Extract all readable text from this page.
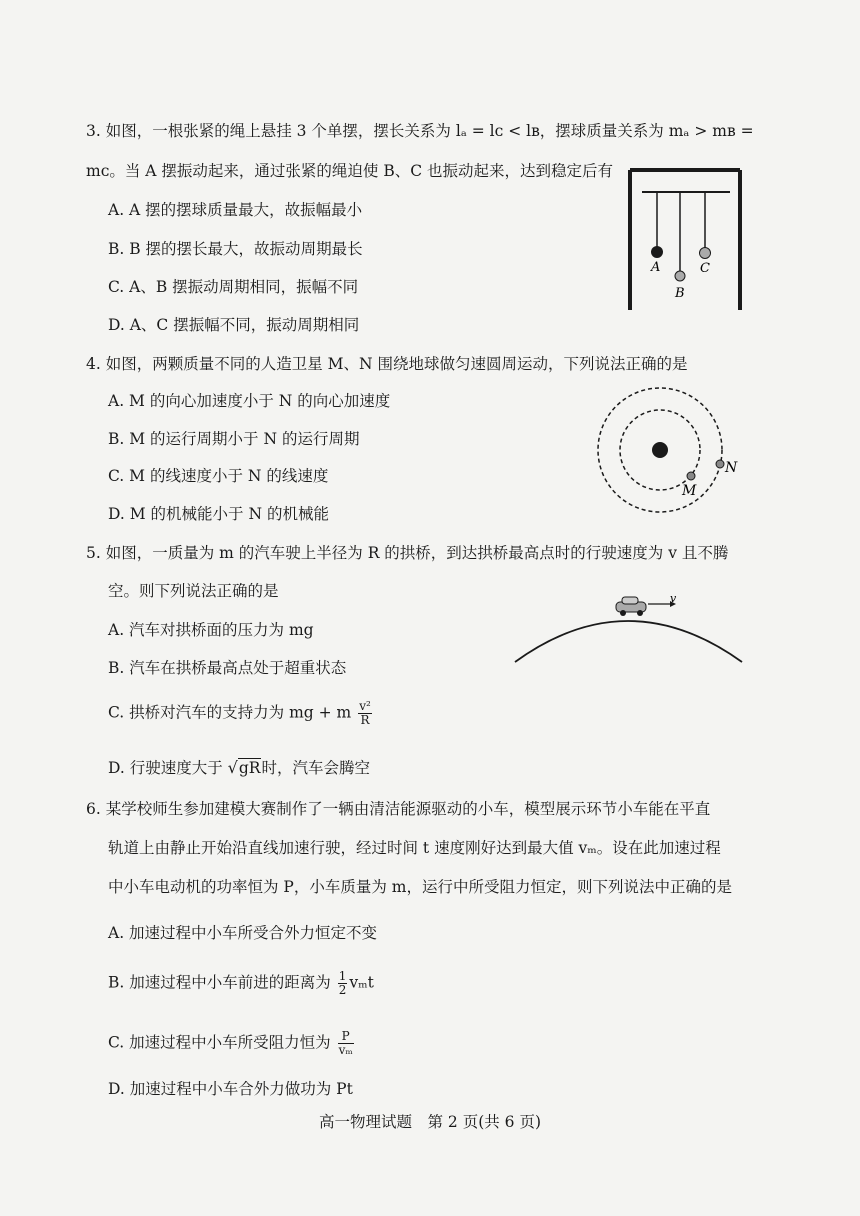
3. 如图，一根张紧的绳上悬挂 3 个单摆，摆长关系为 lₐ = lᴄ < lʙ，摆球质量关系为 mₐ > mʙ =
mᴄ。当 A 摆振动起来，通过张紧的绳迫使 B、C 也振动起来，达到稳定后有
A. A 摆的摆球质量最大，故振幅最小
B. B 摆的摆长最大，故振动周期最长
C. A、B 摆振动周期相同，振幅不同
D. A、C 摆振幅不同，振动周期相同
A
B
C
4. 如图，两颗质量不同的人造卫星 M、N 围绕地球做匀速圆周运动，下列说法正确的是
A. M 的向心加速度小于 N 的向心加速度
B. M 的运行周期小于 N 的运行周期
C. M 的线速度小于 N 的线速度
D. M 的机械能小于 N 的机械能
M
N
5. 如图，一质量为 m 的汽车驶上半径为 R 的拱桥，到达拱桥最高点时的行驶速度为 v 且不腾
空。则下列说法正确的是
A. 汽车对拱桥面的压力为 mg
B. 汽车在拱桥最高点处于超重状态
C. 拱桥对汽车的支持力为 mg + m $\frac{\text{v²}}{R}$
D. 行驶速度大于 √gR时，汽车会腾空
v
6. 某学校师生参加建模大赛制作了一辆由清洁能源驱动的小车，模型展示环节小车能在平直
轨道上由静止开始沿直线加速行驶，经过时间 t 速度刚好达到最大值 vₘ。设在此加速过程
中小车电动机的功率恒为 P，小车质量为 m，运行中所受阻力恒定，则下列说法中正确的是
A. 加速过程中小车所受合外力恒定不变
B. 加速过程中小车前进的距离为 $\frac{1}{2}$ vₘt
C. 加速过程中小车所受阻力恒为 $\frac{P}{\text{vₘ}}$
D. 加速过程中小车合外力做功为 Pt
高一物理试题　第 2 页(共 6 页)
